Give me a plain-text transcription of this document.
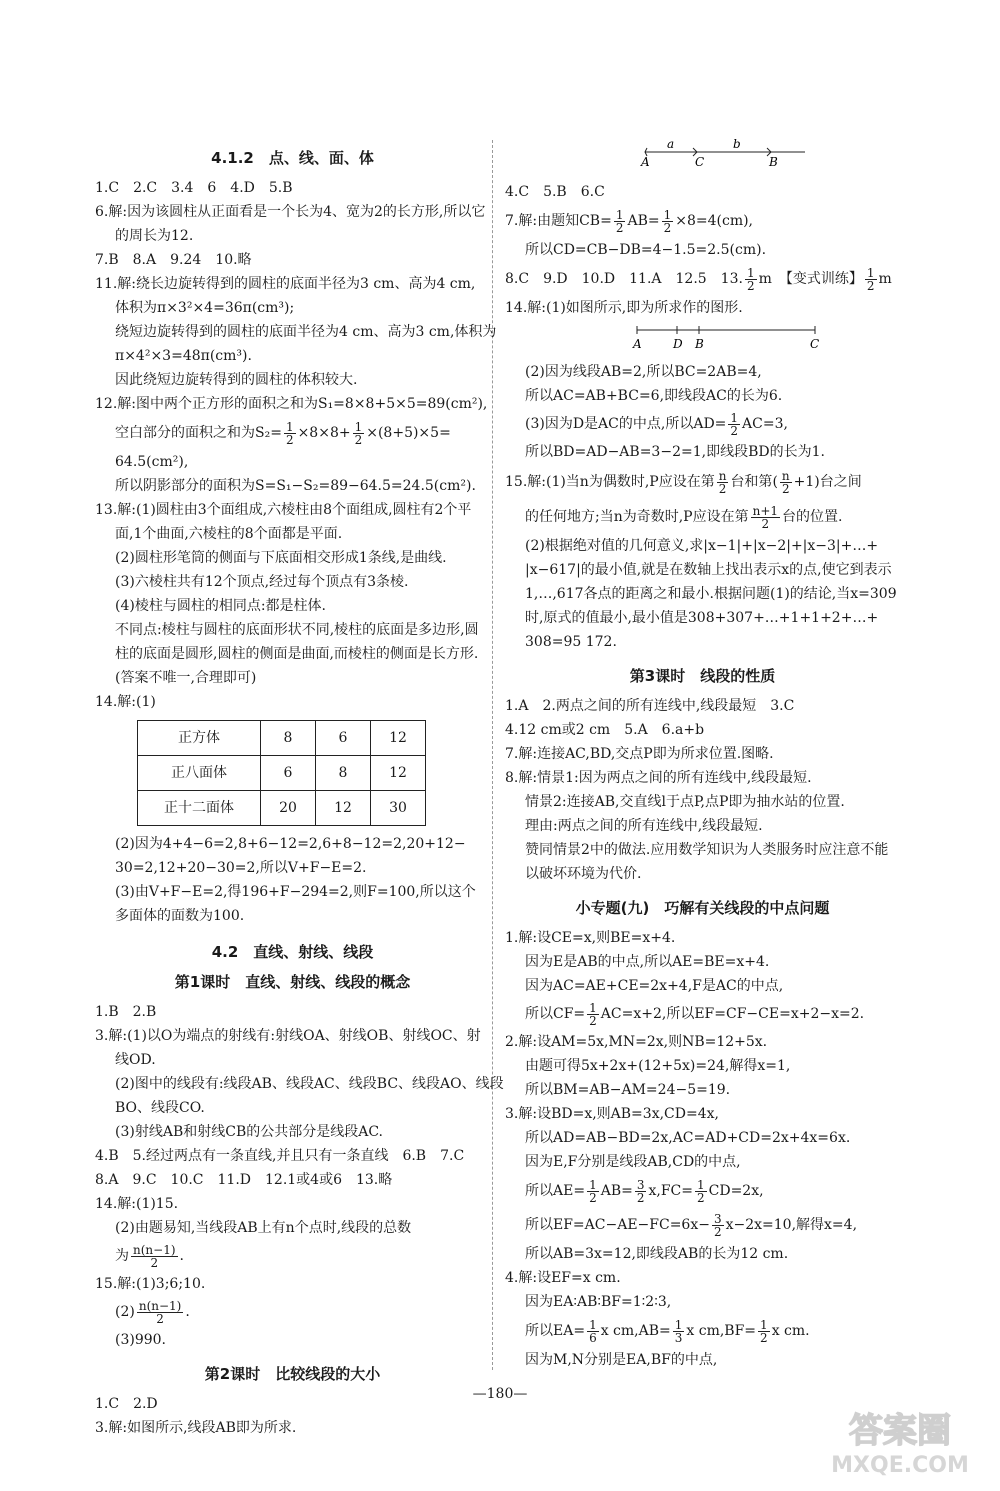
4.1.2　点、线、面、体
1.C　2.C　3.4　6　4.D　5.B
6.解:因为该圆柱从正面看是一个长为4、宽为2的长方形,所以它
的周长为12.
7.B　8.A　9.24　10.略
11.解:绕长边旋转得到的圆柱的底面半径为3 cm、高为4 cm,
体积为π×3²×4=36π(cm³);
绕短边旋转得到的圆柱的底面半径为4 cm、高为3 cm,体积为
π×4²×3=48π(cm³).
因此绕短边旋转得到的圆柱的体积较大.
12.解:图中两个正方形的面积之和为S₁=8×8+5×5=89(cm²),
空白部分的面积之和为$S_2= \frac{1}{2} \times 8\times 8+ \frac{1}{2} \times(8+5)\times 5=$
64.5(cm²),
所以阴影部分的面积为S=S₁−S₂=89−64.5=24.5(cm²).
13.解:(1)圆柱由3个面组成,六棱柱由8个面组成,圆柱有2个平
面,1个曲面,六棱柱的8个面都是平面.
(2)圆柱形笔筒的侧面与下底面相交形成1条线,是曲线.
(3)六棱柱共有12个顶点,经过每个顶点有3条棱.
(4)棱柱与圆柱的相同点:都是柱体.
不同点:棱柱与圆柱的底面形状不同,棱柱的底面是多边形,圆
柱的底面是圆形,圆柱的侧面是曲面,而棱柱的侧面是长方形.
(答案不唯一,合理即可)
14.解:(1)
正方体	8	6	12
正八面体	6	8	12
正十二面体	20	12	30
(2)因为4+4−6=2,8+6−12=2,6+8−12=2,20+12−
30=2,12+20−30=2,所以V+F−E=2.
(3)由V+F−E=2,得196+F−294=2,则F=100,所以这个
多面体的面数为100.
4.2　直线、射线、线段
第1课时　直线、射线、线段的概念
1.B　2.B
3.解:(1)以O为端点的射线有:射线OA、射线OB、射线OC、射
线OD.
(2)图中的线段有:线段AB、线段AC、线段BC、线段AO、线段
BO、线段CO.
(3)射线AB和射线CB的公共部分是线段AC.
4.B　5.经过两点有一条直线,并且只有一条直线　6.B　7.C
8.A　9.C　10.C　11.D　12.1或4或6　13.略
14.解:(1)15.
(2)由题易知,当线段AB上有n个点时,线段的总数
为 $\frac{n(n-1)}{2}$ .
15.解:(1)3;6;10.
$(2) \frac{n(n-1)}{2}$ .
(3)990.
第2课时　比较线段的大小
1.C　2.D
3.解:如图所示,线段AB即为所求.
a	b
A	C	B
4.C　5.B　6.C
7.解:由题知$CB= \frac{1}{2} AB= \frac{1}{2} \times 8=4(cm)$,
所以CD=CB−DB=4−1.5=2.5(cm).
8.C　9.D　10.D　11.A　12.5　13. $\frac{1}{2}$ m　【变式训练】 $\frac{1}{2}$ m
14.解:(1)如图所示,即为所求作的图形.
A	D B	C
(2)因为线段AB=2,所以BC=2AB=4,
所以AC=AB+BC=6,即线段AC的长为6.
(3)因为D是AC的中点,所以$AD= \frac{1}{2} AC=3$,
所以BD=AD−AB=3−2=1,即线段BD的长为1.
15.解:(1)当n为偶数时,P应设在第 $\frac{n}{2}$ 台和第( $\frac{n}{2} +1$)台之间
的任何地方;当n为奇数时,P应设在第 $\frac{n+1}{2}$ 台的位置.
(2)根据绝对值的几何意义,求|x−1|+|x−2|+|x−3|+…+
|x−617|的最小值,就是在数轴上找出表示x的点,使它到表示
1,…,617各点的距离之和最小.根据问题(1)的结论,当x=309
时,原式的值最小,最小值是308+307+…+1+1+2+…+
308=95 172.
第3课时　线段的性质
1.A　2.两点之间的所有连线中,线段最短　3.C
4.12 cm或2 cm　5.A　6.a+b
7.解:连接AC,BD,交点P即为所求位置.图略.
8.解:情景1:因为两点之间的所有连线中,线段最短.
情景2:连接AB,交直线l于点P,点P即为抽水站的位置.
理由:两点之间的所有连线中,线段最短.
赞同情景2中的做法.应用数学知识为人类服务时应注意不能
以破坏环境为代价.
小专题(九)　巧解有关线段的中点问题
1.解:设CE=x,则BE=x+4.
因为E是AB的中点,所以AE=BE=x+4.
因为AC=AE+CE=2x+4,F是AC的中点,
所以$CF= \frac{1}{2} AC=x+2$,所以EF=CF−CE=x+2−x=2.
2.解:设AM=5x,MN=2x,则NB=12+5x.
由题可得5x+2x+(12+5x)=24,解得x=1,
所以BM=AB−AM=24−5=19.
3.解:设BD=x,则AB=3x,CD=4x,
所以AD=AB−BD=2x,AC=AD+CD=2x+4x=6x.
因为E,F分别是线段AB,CD的中点,
所以$AE= \frac{1}{2} AB= \frac{3}{2} x,FC= \frac{1}{2} CD=2x$,
所以$EF=AC-AE-FC=6x- \frac{3}{2} x-2x=10$,解得x=4,
所以AB=3x=12,即线段AB的长为12 cm.
4.解:设EF=x cm.
因为EA∶AB∶BF=1∶2∶3,
所以$EA= \frac{1}{6}$ x $cm,AB= \frac{1}{3}$ x $cm,BF= \frac{1}{2}$ x cm.
因为M,N分别是EA,BF的中点,
—180—
答案圈
MXQE.COM
